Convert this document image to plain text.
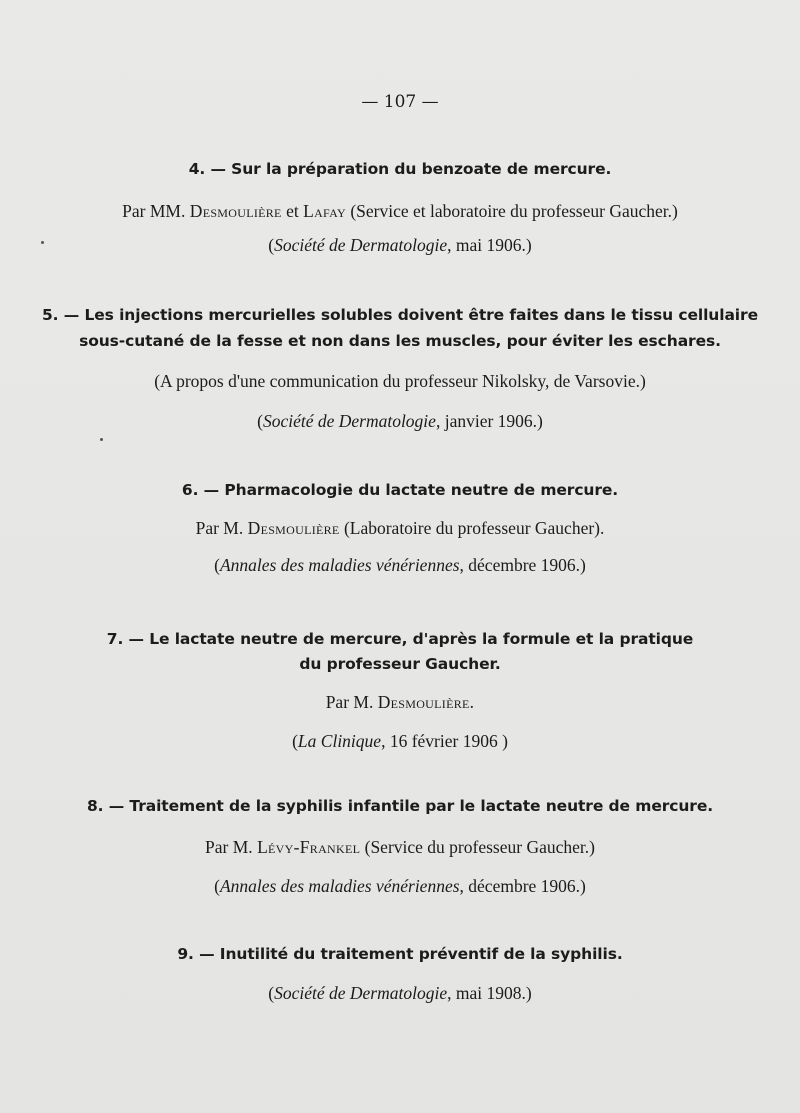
— 107 —
4. — Sur la préparation du benzoate de mercure.
Par MM. Desmoulière et Lafay (Service et laboratoire du professeur Gaucher.)
(Société de Dermatologie, mai 1906.)
5. — Les injections mercurielles solubles doivent être faites dans le tissu cellulaire
sous-cutané de la fesse et non dans les muscles, pour éviter les eschares.
(A propos d'une communication du professeur Nikolsky, de Varsovie.)
(Société de Dermatologie, janvier 1906.)
6. — Pharmacologie du lactate neutre de mercure.
Par M. Desmoulière (Laboratoire du professeur Gaucher).
(Annales des maladies vénériennes, décembre 1906.)
7. — Le lactate neutre de mercure, d'après la formule et la pratique
du professeur Gaucher.
Par M. Desmoulière.
(La Clinique, 16 février 1906 )
8. — Traitement de la syphilis infantile par le lactate neutre de mercure.
Par M. Lévy-Frankel (Service du professeur Gaucher.)
(Annales des maladies vénériennes, décembre 1906.)
9. — Inutilité du traitement préventif de la syphilis.
(Société de Dermatologie, mai 1908.)
